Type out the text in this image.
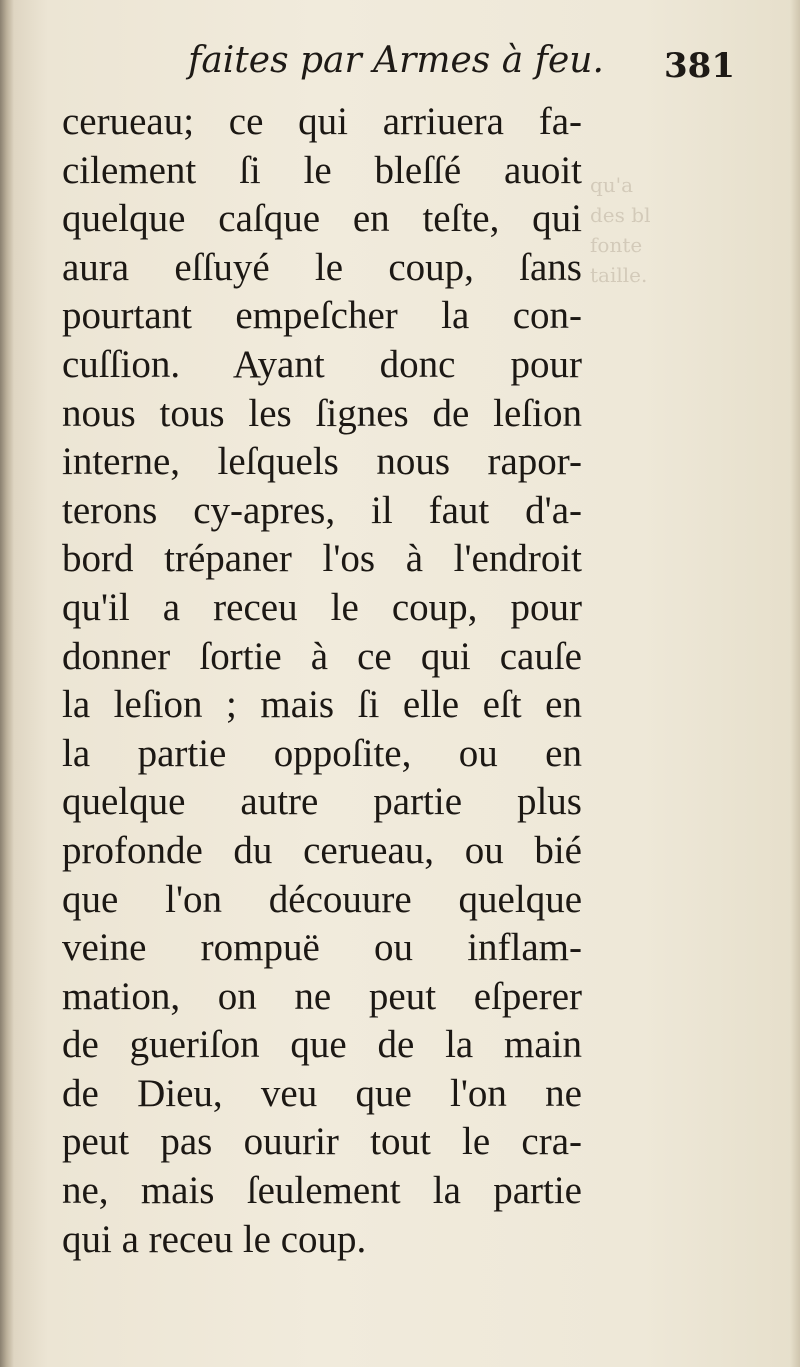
qu'a
des bl
fonte
taille.
faites par Armes à feu. 381
cerueau; ce qui arriuera fa-
cilement ſi le bleſſé auoit
quelque caſque en teſte, qui
aura eſſuyé le coup, ſans
pourtant empeſcher la con-
cuſſion. Ayant donc pour
nous tous les ſignes de leſion
interne, leſquels nous rapor-
terons cy-apres, il faut d'a-
bord trépaner l'os à l'endroit
qu'il a receu le coup, pour
donner ſortie à ce qui cauſe
la leſion ; mais ſi elle eſt en
la partie oppoſite, ou en
quelque autre partie plus
profonde du cerueau, ou bié
que l'on découure quelque
veine rompuë ou inflam-
mation, on ne peut eſperer
de gueriſon que de la main
de Dieu, veu que l'on ne
peut pas ouurir tout le cra-
ne, mais ſeulement la partie
qui a receu le coup.
